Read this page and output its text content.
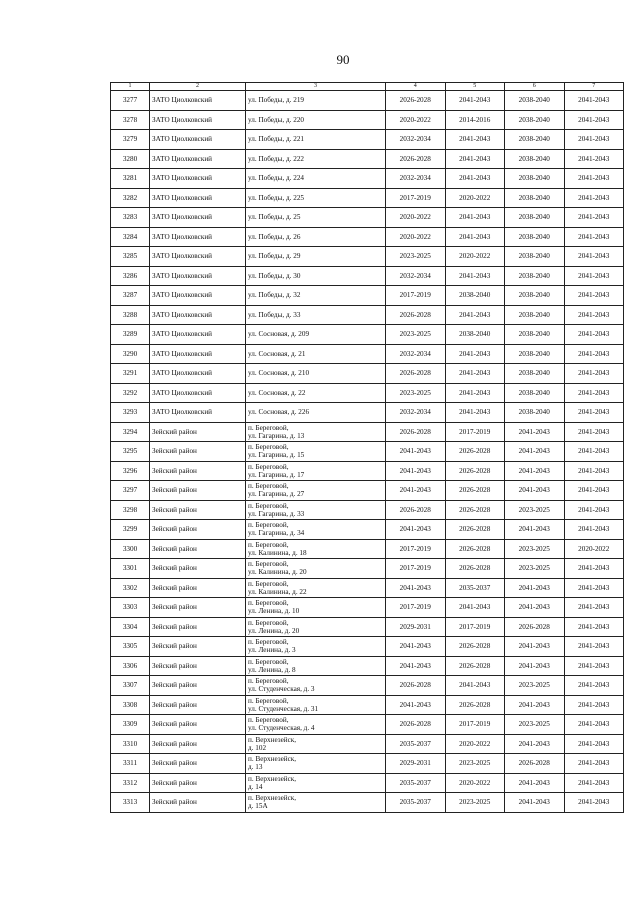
90
1	2	3	4	5	6	7
3277	ЗАТО Циолковский	ул. Победы, д. 219	2026-2028	2041-2043	2038-2040	2041-2043
3278	ЗАТО Циолковский	ул. Победы, д. 220	2020-2022	2014-2016	2038-2040	2041-2043
3279	ЗАТО Циолковский	ул. Победы, д. 221	2032-2034	2041-2043	2038-2040	2041-2043
3280	ЗАТО Циолковский	ул. Победы, д. 222	2026-2028	2041-2043	2038-2040	2041-2043
3281	ЗАТО Циолковский	ул. Победы, д. 224	2032-2034	2041-2043	2038-2040	2041-2043
3282	ЗАТО Циолковский	ул. Победы, д. 225	2017-2019	2020-2022	2038-2040	2041-2043
3283	ЗАТО Циолковский	ул. Победы, д. 25	2020-2022	2041-2043	2038-2040	2041-2043
3284	ЗАТО Циолковский	ул. Победы, д. 26	2020-2022	2041-2043	2038-2040	2041-2043
3285	ЗАТО Циолковский	ул. Победы, д. 29	2023-2025	2020-2022	2038-2040	2041-2043
3286	ЗАТО Циолковский	ул. Победы, д. 30	2032-2034	2041-2043	2038-2040	2041-2043
3287	ЗАТО Циолковский	ул. Победы, д. 32	2017-2019	2038-2040	2038-2040	2041-2043
3288	ЗАТО Циолковский	ул. Победы, д. 33	2026-2028	2041-2043	2038-2040	2041-2043
3289	ЗАТО Циолковский	ул. Сосновая, д. 209	2023-2025	2038-2040	2038-2040	2041-2043
3290	ЗАТО Циолковский	ул. Сосновая, д. 21	2032-2034	2041-2043	2038-2040	2041-2043
3291	ЗАТО Циолковский	ул. Сосновая, д. 210	2026-2028	2041-2043	2038-2040	2041-2043
3292	ЗАТО Циолковский	ул. Сосновая, д. 22	2023-2025	2041-2043	2038-2040	2041-2043
3293	ЗАТО Циолковский	ул. Сосновая, д. 226	2032-2034	2041-2043	2038-2040	2041-2043
3294	Зейский район	п. Береговой,
ул. Гагарина, д. 13	2026-2028	2017-2019	2041-2043	2041-2043
3295	Зейский район	п. Береговой,
ул. Гагарина, д. 15	2041-2043	2026-2028	2041-2043	2041-2043
3296	Зейский район	п. Береговой,
ул. Гагарина, д. 17	2041-2043	2026-2028	2041-2043	2041-2043
3297	Зейский район	п. Береговой,
ул. Гагарина, д. 27	2041-2043	2026-2028	2041-2043	2041-2043
3298	Зейский район	п. Береговой,
ул. Гагарина, д. 33	2026-2028	2026-2028	2023-2025	2041-2043
3299	Зейский район	п. Береговой,
ул. Гагарина, д. 34	2041-2043	2026-2028	2041-2043	2041-2043
3300	Зейский район	п. Береговой,
ул. Калинина, д. 18	2017-2019	2026-2028	2023-2025	2020-2022
3301	Зейский район	п. Береговой,
ул. Калинина, д. 20	2017-2019	2026-2028	2023-2025	2041-2043
3302	Зейский район	п. Береговой,
ул. Калинина, д. 22	2041-2043	2035-2037	2041-2043	2041-2043
3303	Зейский район	п. Береговой,
ул. Ленина, д. 10	2017-2019	2041-2043	2041-2043	2041-2043
3304	Зейский район	п. Береговой,
ул. Ленина, д. 20	2029-2031	2017-2019	2026-2028	2041-2043
3305	Зейский район	п. Береговой,
ул. Ленина, д. 3	2041-2043	2026-2028	2041-2043	2041-2043
3306	Зейский район	п. Береговой,
ул. Ленина, д. 8	2041-2043	2026-2028	2041-2043	2041-2043
3307	Зейский район	п. Береговой,
ул. Студенческая, д. 3	2026-2028	2041-2043	2023-2025	2041-2043
3308	Зейский район	п. Береговой,
ул. Студенческая, д. 31	2041-2043	2026-2028	2041-2043	2041-2043
3309	Зейский район	п. Береговой,
ул. Студенческая, д. 4	2026-2028	2017-2019	2023-2025	2041-2043
3310	Зейский район	п. Верхнезейск,
д. 102	2035-2037	2020-2022	2041-2043	2041-2043
3311	Зейский район	п. Верхнезейск,
д. 13	2029-2031	2023-2025	2026-2028	2041-2043
3312	Зейский район	п. Верхнезейск,
д. 14	2035-2037	2020-2022	2041-2043	2041-2043
3313	Зейский район	п. Верхнезейск,
д. 15А	2035-2037	2023-2025	2041-2043	2041-2043
